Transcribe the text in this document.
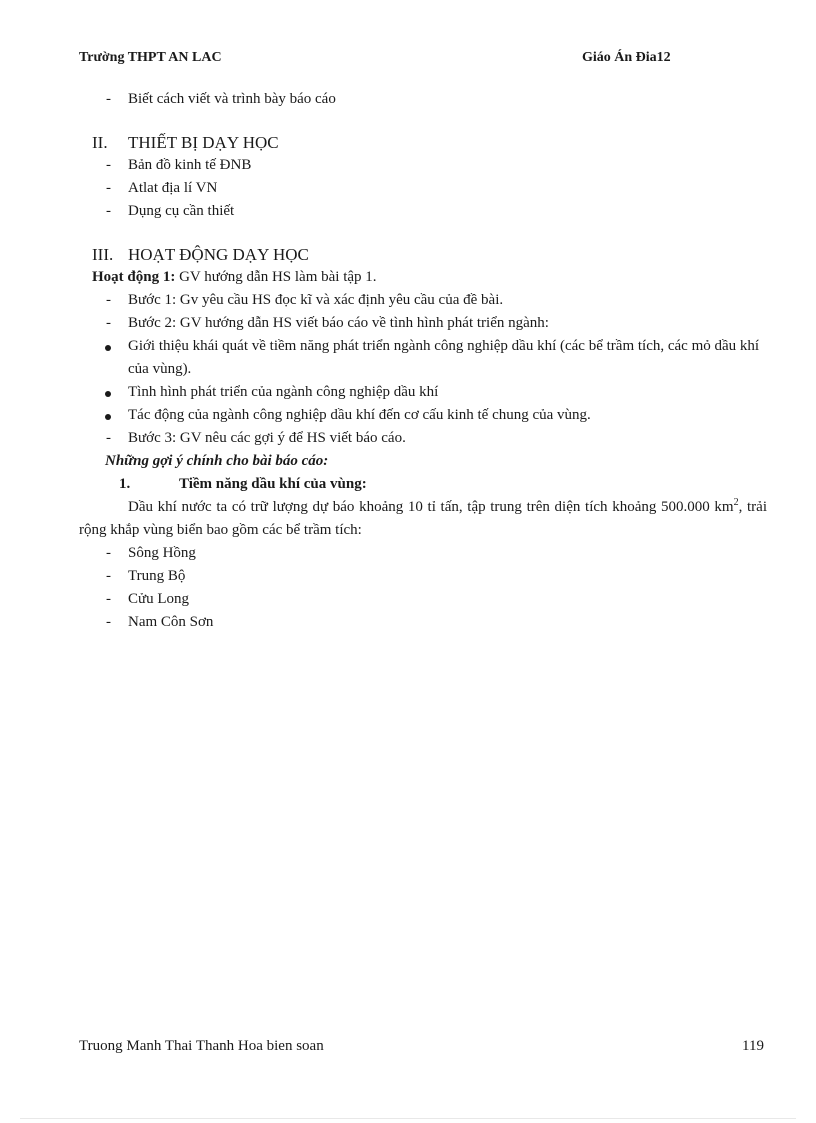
Trường THPT AN LAC	Giáo Án Đia12
- Biết cách viết và trình bày báo cáo
II. THIẾT BỊ DẠY HỌC
- Bản đồ kinh tế ĐNB
- Atlat địa lí VN
- Dụng cụ cần thiết
III. HOẠT ĐỘNG DẠY HỌC
Hoạt động 1: GV hướng dẫn HS làm bài tập 1.
- Bước 1: Gv yêu cầu HS đọc kĩ và xác định yêu cầu của đề bài.
- Bước 2: GV hướng dẫn HS viết báo cáo về tình hình phát triển ngành:
Giới thiệu khái quát về tiềm năng phát triển ngành công nghiệp dầu khí (các bể trầm tích, các mỏ dầu khí của vùng).
Tình hình phát triển của ngành công nghiệp dầu khí
Tác động của ngành công nghiệp dầu khí đến cơ cấu kinh tế chung của vùng.
- Bước 3: GV nêu các gợi ý để HS viết báo cáo.
Những gợi ý chính cho bài báo cáo:
1.	Tiềm năng dầu khí của vùng:
Dầu khí nước ta có trữ lượng dự báo khoảng 10 tỉ tấn, tập trung trên diện tích khoảng 500.000 $km^2$, trải rộng khắp vùng biển bao gồm các bể trầm tích:
- Sông Hồng
- Trung Bộ
- Cửu Long
- Nam Côn Sơn
Truong Manh Thai Thanh Hoa bien soan	119
